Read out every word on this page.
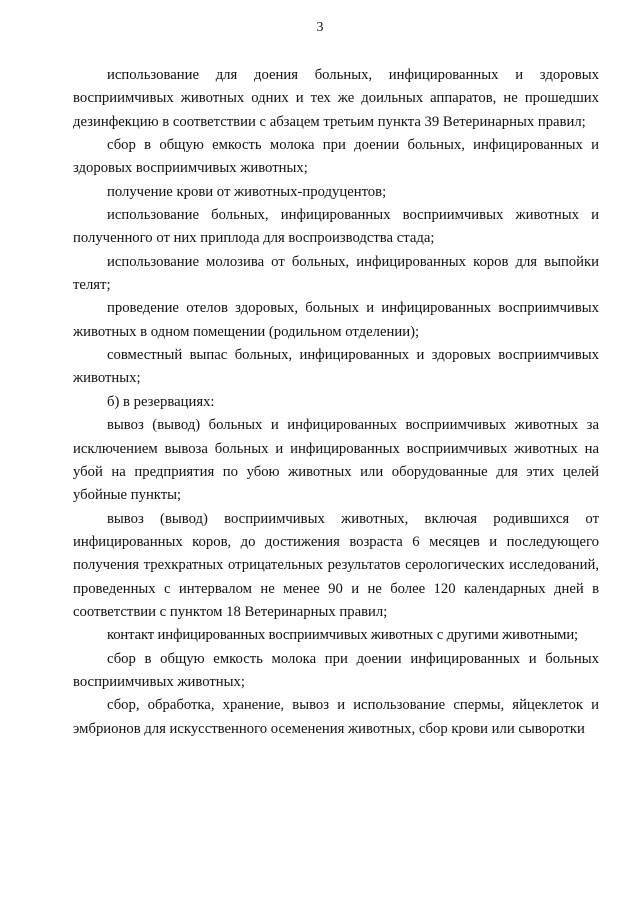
3

использование для доения больных, инфицированных и здоровых восприимчивых животных одних и тех же доильных аппаратов, не прошедших дезинфекцию в соответствии с абзацем третьим пункта 39 Ветеринарных правил;

сбор в общую емкость молока при доении больных, инфицированных и здоровых восприимчивых животных;

получение крови от животных-продуцентов;

использование больных, инфицированных восприимчивых животных и полученного от них приплода для воспроизводства стада;

использование молозива от больных, инфицированных коров для выпойки телят;

проведение отелов здоровых, больных и инфицированных восприимчивых животных в одном помещении (родильном отделении);

совместный выпас больных, инфицированных и здоровых восприимчивых животных;

б) в резервациях:

вывоз (вывод) больных и инфицированных восприимчивых животных за исключением вывоза больных и инфицированных восприимчивых животных на убой на предприятия по убою животных или оборудованные для этих целей убойные пункты;

вывоз (вывод) восприимчивых животных, включая родившихся от инфицированных коров, до достижения возраста 6 месяцев и последующего получения трехкратных отрицательных результатов серологических исследований, проведенных с интервалом не менее 90 и не более 120 календарных дней в соответствии с пунктом 18 Ветеринарных правил;

контакт инфицированных восприимчивых животных с другими животными;

сбор в общую емкость молока при доении инфицированных и больных восприимчивых животных;

сбор, обработка, хранение, вывоз и использование спермы, яйцеклеток и эмбрионов для искусственного осеменения животных, сбор крови или сыворотки
